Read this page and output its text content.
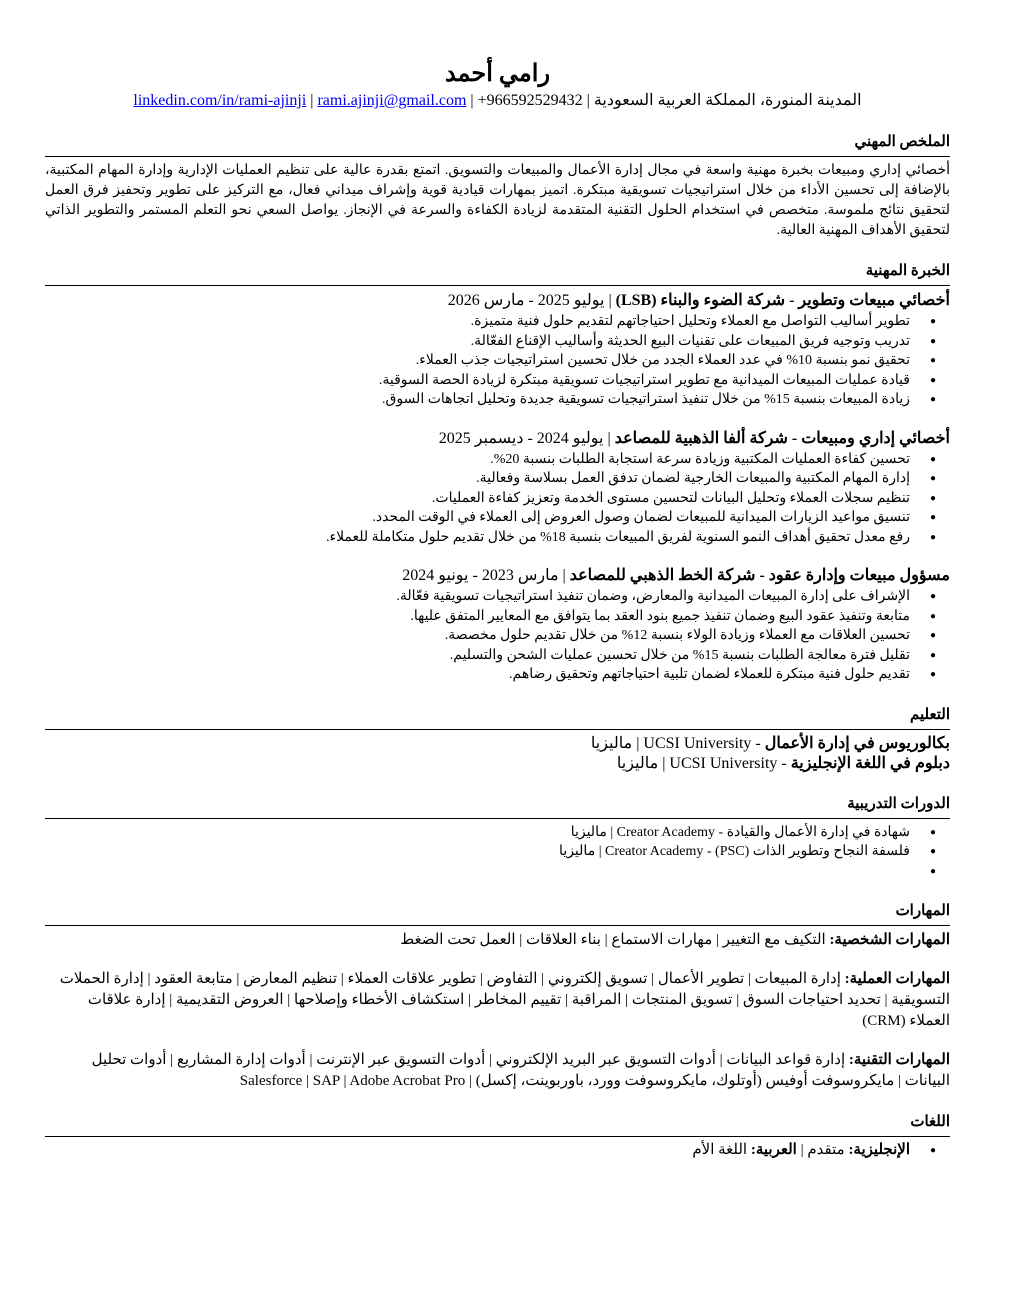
رامي أحمد
المدينة المنورة، المملكة العربية السعودية | +966592529432 | rami.ajinji@gmail.com | linkedin.com/in/rami-ajinji
الملخص المهني

أخصائي إداري ومبيعات بخبرة مهنية واسعة في مجال إدارة الأعمال والمبيعات والتسويق. اتمتع بقدرة عالية على تنظيم العمليات الإدارية وإدارة المهام المكتبية، بالإضافة إلى تحسين الأداء من خلال استراتيجيات تسويقية مبتكرة. اتميز بمهارات قيادية قوية وإشراف ميداني فعال، مع التركيز على تطوير وتحفيز فرق العمل لتحقيق نتائج ملموسة. متخصص في استخدام الحلول التقنية المتقدمة لزيادة الكفاءة والسرعة في الإنجاز. يواصل السعي نحو التعلم المستمر والتطوير الذاتي لتحقيق الأهداف المهنية العالية.

الخبرة المهنية
أخصائي مبيعات وتطوير - شركة الضوء والبناء (LSB) | يوليو 2025 - مارس 2026
● تطوير أساليب التواصل مع العملاء وتحليل احتياجاتهم لتقديم حلول فنية متميزة.
● تدريب وتوجيه فريق المبيعات على تقنيات البيع الحديثة وأساليب الإقناع الفعّالة.
● تحقيق نمو بنسبة 10% في عدد العملاء الجدد من خلال تحسين استراتيجيات جذب العملاء.
● قيادة عمليات المبيعات الميدانية مع تطوير استراتيجيات تسويقية مبتكرة لزيادة الحصة السوقية.
● زيادة المبيعات بنسبة 15% من خلال تنفيذ استراتيجيات تسويقية جديدة وتحليل اتجاهات السوق.
أخصائي إداري ومبيعات - شركة ألفا الذهبية للمصاعد | يوليو 2024 - ديسمبر 2025
● تحسين كفاءة العمليات المكتبية وزيادة سرعة استجابة الطلبات بنسبة 20%.
● إدارة المهام المكتبية والمبيعات الخارجية لضمان تدفق العمل بسلاسة وفعالية.
● تنظيم سجلات العملاء وتحليل البيانات لتحسين مستوى الخدمة وتعزيز كفاءة العمليات.
● تنسيق مواعيد الزيارات الميدانية للمبيعات لضمان وصول العروض إلى العملاء في الوقت المحدد.
● رفع معدل تحقيق أهداف النمو السنوية لفريق المبيعات بنسبة 18% من خلال تقديم حلول متكاملة للعملاء.
مسؤول مبيعات وإدارة عقود - شركة الخط الذهبي للمصاعد | مارس 2023 - يونيو 2024
● الإشراف على إدارة المبيعات الميدانية والمعارض، وضمان تنفيذ استراتيجيات تسويقية فعّالة.
● متابعة وتنفيذ عقود البيع وضمان تنفيذ جميع بنود العقد بما يتوافق مع المعايير المتفق عليها.
● تحسين العلاقات مع العملاء وزيادة الولاء بنسبة 12% من خلال تقديم حلول مخصصة.
● تقليل فترة معالجة الطلبات بنسبة 15% من خلال تحسين عمليات الشحن والتسليم.
● تقديم حلول فنية مبتكرة للعملاء لضمان تلبية احتياجاتهم وتحقيق رضاهم.
التعليم
بكالوريوس في إدارة الأعمال - UCSI University | ماليزيا
دبلوم في اللغة الإنجليزية - UCSI University | ماليزيا
الدورات التدريبية
● شهادة في إدارة الأعمال والقيادة - Creator Academy | ماليزيا
● فلسفة النجاح وتطوير الذات (PSC) - Creator Academy | ماليزيا
●
المهارات

المهارات الشخصية: التكيف مع التغيير | مهارات الاستماع | بناء العلاقات | العمل تحت الضغط

المهارات العملية: إدارة المبيعات | تطوير الأعمال | تسويق إلكتروني | التفاوض | تطوير علاقات العملاء | تنظيم المعارض | متابعة العقود | إدارة الحملات التسويقية | تحديد احتياجات السوق | تسويق المنتجات | المراقبة | تقييم المخاطر | استكشاف الأخطاء وإصلاحها | العروض التقديمية | إدارة علاقات العملاء (CRM)

المهارات التقنية: إدارة قواعد البيانات | أدوات التسويق عبر البريد الإلكتروني | أدوات التسويق عبر الإنترنت | أدوات إدارة المشاريع | أدوات تحليل البيانات | مايكروسوفت أوفيس (أوتلوك، مايكروسوفت وورد، باوربوينت، إكسل) | Salesforce | SAP | Adobe Acrobat Pro

اللغات
● الإنجليزية: متقدم | العربية: اللغة الأم
